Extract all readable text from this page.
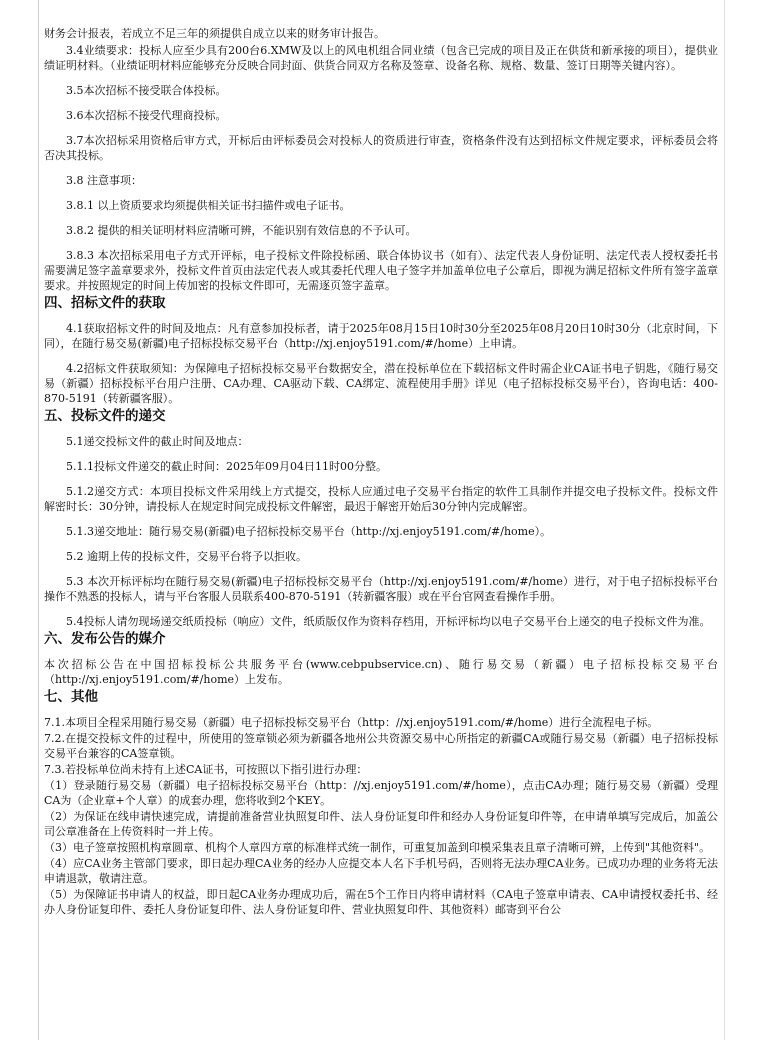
财务会计报表，若成立不足三年的须提供自成立以来的财务审计报告。

3.4业绩要求：投标人应至少具有200台6.XMW及以上的风电机组合同业绩（包含已完成的项目及正在供货和新承接的项目），提供业绩证明材料。（业绩证明材料应能够充分反映合同封面、供货合同双方名称及签章、设备名称、规格、数量、签订日期等关键内容）。

3.5本次招标不接受联合体投标。

3.6本次招标不接受代理商投标。

3.7本次招标采用资格后审方式，开标后由评标委员会对投标人的资质进行审查，资格条件没有达到招标文件规定要求，评标委员会将否决其投标。

3.8 注意事项：

3.8.1 以上资质要求均须提供相关证书扫描件或电子证书。

3.8.2 提供的相关证明材料应清晰可辨，不能识别有效信息的不予认可。

3.8.3 本次招标采用电子方式开评标，电子投标文件除投标函、联合体协议书（如有）、法定代表人身份证明、法定代表人授权委托书需要满足签字盖章要求外，投标文件首页由法定代表人或其委托代理人电子签字并加盖单位电子公章后，即视为满足招标文件所有签字盖章要求。并按照规定的时间上传加密的投标文件即可，无需逐页签字盖章。

四、招标文件的获取

4.1获取招标文件的时间及地点：凡有意参加投标者，请于2025年08月15日10时30分至2025年08月20日10时30分（北京时间，下同），在随行易交易(新疆)电子招标投标交易平台（http://xj.enjoy5191.com/#/home）上申请。

4.2招标文件获取须知：为保障电子招标投标交易平台数据安全，潜在投标单位在下载招标文件时需企业CA证书电子钥匙，《随行易交易（新疆）招标投标平台用户注册、CA办理、CA驱动下载、CA绑定、流程使用手册》详见（电子招标投标交易平台），咨询电话：400-870-5191（转新疆客服）。

五、投标文件的递交

5.1递交投标文件的截止时间及地点：

5.1.1投标文件递交的截止时间：2025年09月04日11时00分整。

5.1.2递交方式：本项目投标文件采用线上方式提交，投标人应通过电子交易平台指定的软件工具制作并提交电子投标文件。投标文件解密时长：30分钟，请投标人在规定时间完成投标文件解密，最迟于解密开始后30分钟内完成解密。

5.1.3递交地址：随行易交易(新疆)电子招标投标交易平台（http://xj.enjoy5191.com/#/home）。

5.2 逾期上传的投标文件，交易平台将予以拒收。

5.3 本次开标评标均在随行易交易(新疆)电子招标投标交易平台（http://xj.enjoy5191.com/#/home）进行，对于电子招标投标平台操作不熟悉的投标人，请与平台客服人员联系400-870-5191（转新疆客服）或在平台官网查看操作手册。

5.4投标人请勿现场递交纸质投标（响应）文件，纸质版仅作为资料存档用，开标评标均以电子交易平台上递交的电子投标文件为准。

六、发布公告的媒介

本次招标公告在中国招标投标公共服务平台(www.cebpubservice.cn)、随行易交易（新疆）电子招标投标交易平台（http://xj.enjoy5191.com/#/home）上发布。

七、其他

7.1.本项目全程采用随行易交易（新疆）电子招标投标交易平台（http：//xj.enjoy5191.com/#/home）进行全流程电子标。

7.2.在提交投标文件的过程中，所使用的签章锁必须为新疆各地州公共资源交易中心所指定的新疆CA或随行易交易（新疆）电子招标投标交易平台兼容的CA签章锁。

7.3.若投标单位尚未持有上述CA证书，可按照以下指引进行办理：

（1）登录随行易交易（新疆）电子招标投标交易平台（http：//xj.enjoy5191.com/#/home），点击CA办理；随行易交易（新疆）受理CA为（企业章+个人章）的成套办理，您将收到2个KEY。

（2）为保证在线申请快速完成，请提前准备营业执照复印件、法人身份证复印件和经办人身份证复印件等，在申请单填写完成后，加盖公司公章准备在上传资料时一并上传。

（3）电子签章按照机构章圆章、机构个人章四方章的标准样式统一制作，可重复加盖到印模采集表且章子清晰可辨，上传到"其他资料"。

（4）应CA业务主管部门要求，即日起办理CA业务的经办人应提交本人名下手机号码，否则将无法办理CA业务。已成功办理的业务将无法申请退款，敬请注意。

（5）为保障证书申请人的权益，即日起CA业务办理成功后，需在5个工作日内将申请材料（CA电子签章申请表、CA申请授权委托书、经办人身份证复印件、委托人身份证复印件、法人身份证复印件、营业执照复印件、其他资料）邮寄到平台公
